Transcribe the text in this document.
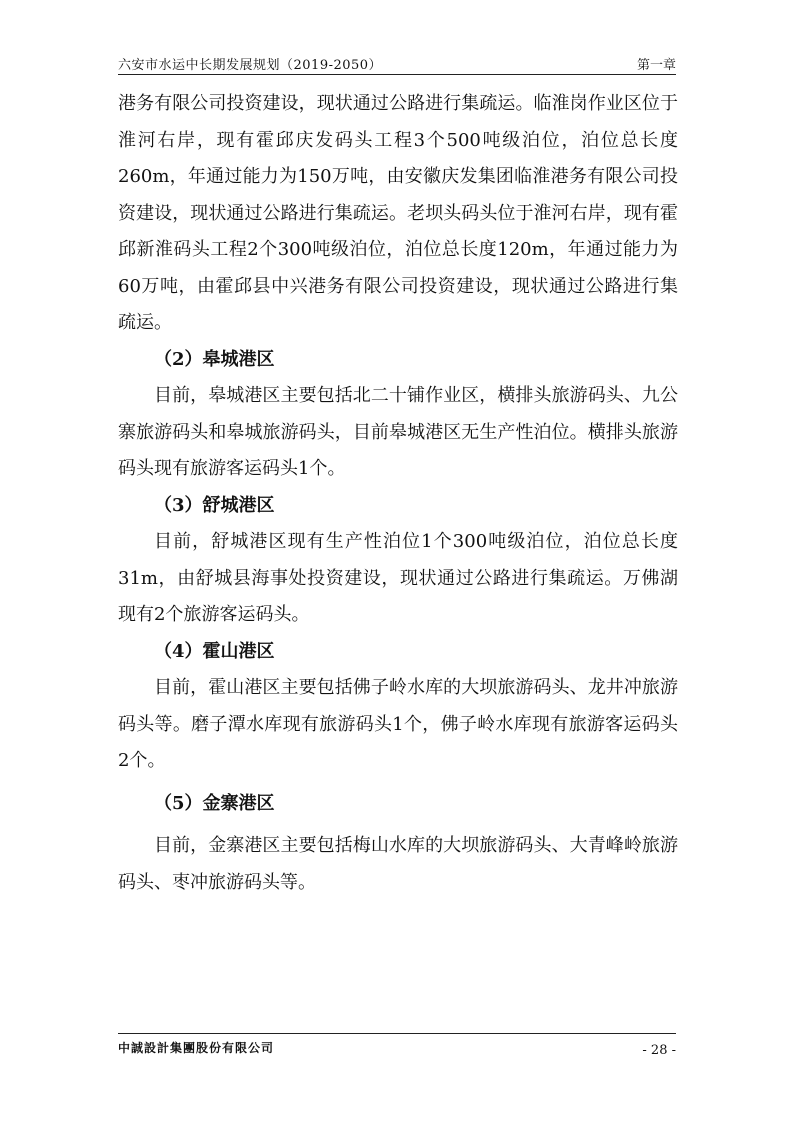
六安市水运中长期发展规划（2019-2050）	第一章

港务有限公司投资建设，现状通过公路进行集疏运。临淮岗作业区位于淮河右岸，现有霍邱庆发码头工程3个500吨级泊位，泊位总长度260m，年通过能力为150万吨，由安徽庆发集团临淮港务有限公司投资建设，现状通过公路进行集疏运。老坝头码头位于淮河右岸，现有霍邱新淮码头工程2个300吨级泊位，泊位总长度120m，年通过能力为60万吨，由霍邱县中兴港务有限公司投资建设，现状通过公路进行集疏运。

（2）皋城港区

目前，皋城港区主要包括北二十铺作业区，横排头旅游码头、九公寨旅游码头和皋城旅游码头，目前皋城港区无生产性泊位。横排头旅游码头现有旅游客运码头1个。

（3）舒城港区

目前，舒城港区现有生产性泊位1个300吨级泊位，泊位总长度31m，由舒城县海事处投资建设，现状通过公路进行集疏运。万佛湖现有2个旅游客运码头。

（4）霍山港区

目前，霍山港区主要包括佛子岭水库的大坝旅游码头、龙井冲旅游码头等。磨子潭水库现有旅游码头1个，佛子岭水库现有旅游客运码头2个。

（5）金寨港区

目前，金寨港区主要包括梅山水库的大坝旅游码头、大青峰岭旅游码头、枣冲旅游码头等。

中誠設計集團股份有限公司	- 28 -
